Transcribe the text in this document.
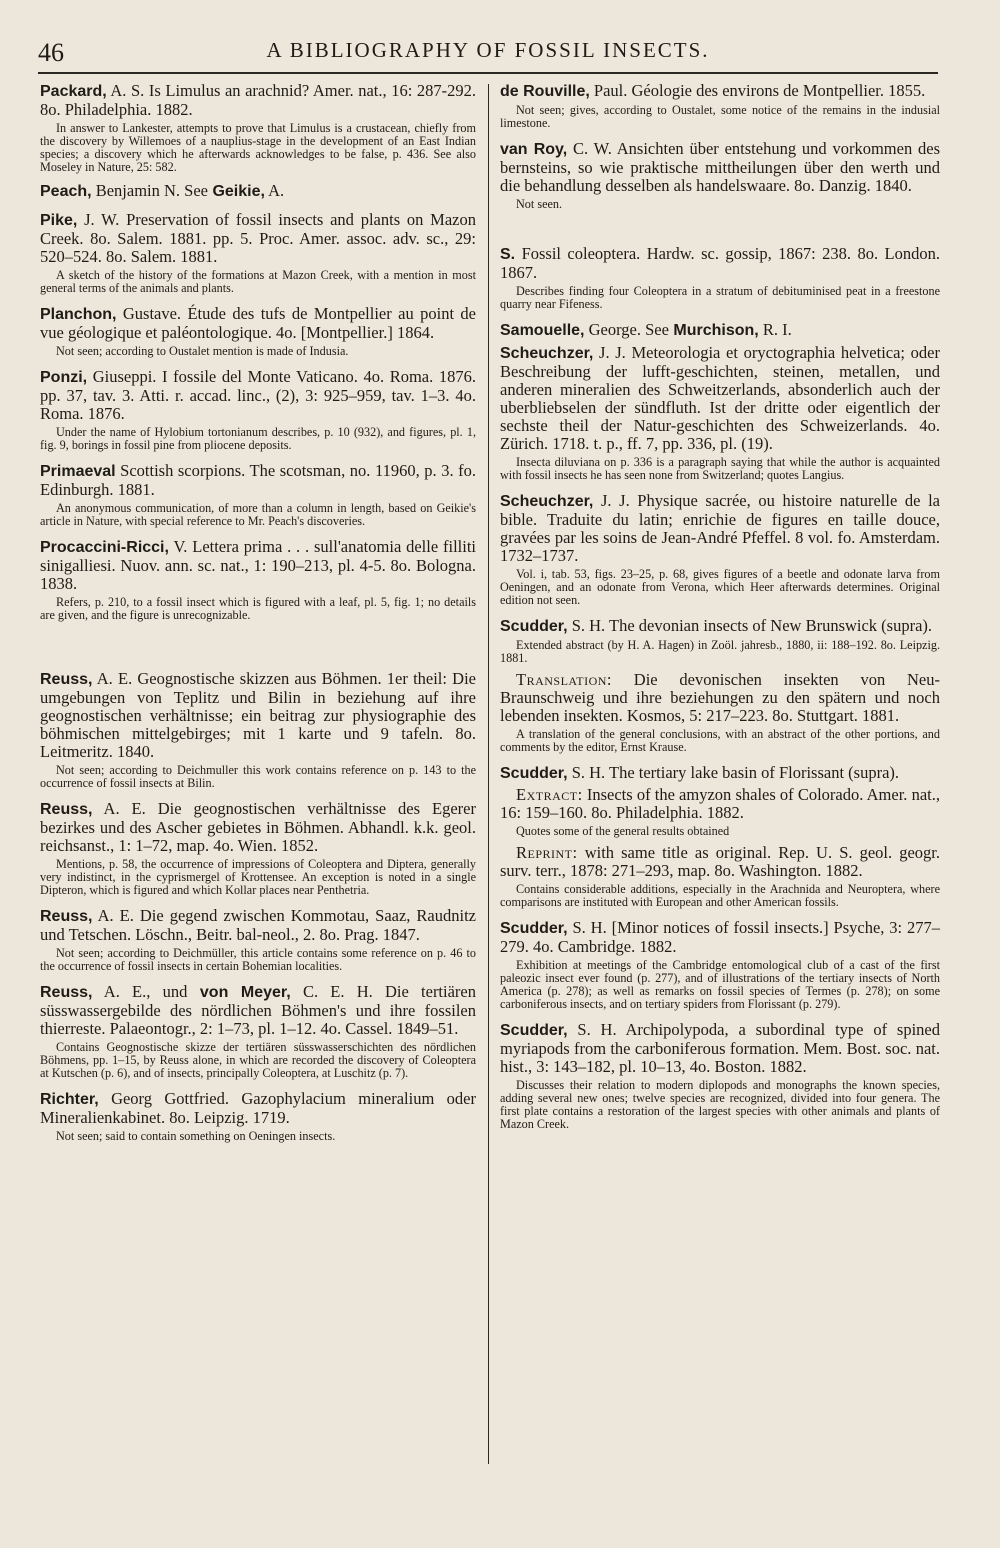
46	A BIBLIOGRAPHY OF FOSSIL INSECTS.

Packard, A. S. Is Limulus an arachnid? Amer. nat., 16: 287-292. 8o. Philadelphia. 1882.

In answer to Lankester, attempts to prove that Limulus is a crustacean, chiefly from the discovery by Willemoes of a nauplius-stage in the development of an East Indian species; a discovery which he afterwards acknowledges to be false, p. 436. See also Moseley in Nature, 25: 582.

Peach, Benjamin N. See Geikie, A.

Pike, J. W. Preservation of fossil insects and plants on Mazon Creek. 8o. Salem. 1881. pp. 5. Proc. Amer. assoc. adv. sc., 29: 520–524. 8o. Salem. 1881.

A sketch of the history of the formations at Mazon Creek, with a mention in most general terms of the animals and plants.

Planchon, Gustave. Étude des tufs de Montpellier au point de vue géologique et paléontologique. 4o. [Montpellier.] 1864.

Not seen; according to Oustalet mention is made of Indusia.

Ponzi, Giuseppi. I fossile del Monte Vaticano. 4o. Roma. 1876. pp. 37, tav. 3. Atti. r. accad. linc., (2), 3: 925–959, tav. 1–3. 4o. Roma. 1876.

Under the name of Hylobium tortonianum describes, p. 10 (932), and figures, pl. 1, fig. 9, borings in fossil pine from pliocene deposits.

Primaeval Scottish scorpions. The scotsman, no. 11960, p. 3. fo. Edinburgh. 1881.

An anonymous communication, of more than a column in length, based on Geikie's article in Nature, with special reference to Mr. Peach's discoveries.

Procaccini-Ricci, V. Lettera prima . . . sull'anatomia delle filliti sinigalliesi. Nuov. ann. sc. nat., 1: 190–213, pl. 4-5. 8o. Bologna. 1838.

Refers, p. 210, to a fossil insect which is figured with a leaf, pl. 5, fig. 1; no details are given, and the figure is unrecognizable.

Reuss, A. E. Geognostische skizzen aus Böhmen. 1er theil: Die umgebungen von Teplitz und Bilin in beziehung auf ihre geognostischen verhältnisse; ein beitrag zur physiographie des böhmischen mittelgebirges; mit 1 karte und 9 tafeln. 8o. Leitmeritz. 1840.

Not seen; according to Deichmuller this work contains reference on p. 143 to the occurrence of fossil insects at Bilin.

Reuss, A. E. Die geognostischen verhältnisse des Egerer bezirkes und des Ascher gebietes in Böhmen. Abhandl. k.k. geol. reichsanst., 1: 1–72, map. 4o. Wien. 1852.

Mentions, p. 58, the occurrence of impressions of Coleoptera and Diptera, generally very indistinct, in the cyprismergel of Krottensee. An exception is noted in a single Dipteron, which is figured and which Kollar places near Penthetria.

Reuss, A. E. Die gegend zwischen Kommotau, Saaz, Raudnitz und Tetschen. Löschn., Beitr. bal-neol., 2. 8o. Prag. 1847.

Not seen; according to Deichmüller, this article contains some reference on p. 46 to the occurrence of fossil insects in certain Bohemian localities.

Reuss, A. E., und von Meyer, C. E. H. Die tertiären süsswassergebilde des nördlichen Böhmen's und ihre fossilen thierreste. Palaeontogr., 2: 1–73, pl. 1–12. 4o. Cassel. 1849–51.

Contains Geognostische skizze der tertiären süsswasserschichten des nördlichen Böhmens, pp. 1–15, by Reuss alone, in which are recorded the discovery of Coleoptera at Kutschen (p. 6), and of insects, principally Coleoptera, at Luschitz (p. 7).

Richter, Georg Gottfried. Gazophylacium mineralium oder Mineralienkabinet. 8o. Leipzig. 1719.

Not seen; said to contain something on Oeningen insects.

de Rouville, Paul. Géologie des environs de Montpellier. 1855.

Not seen; gives, according to Oustalet, some notice of the remains in the indusial limestone.

van Roy, C. W. Ansichten über entstehung und vorkommen des bernsteins, so wie praktische mittheilungen über den werth und die behandlung desselben als handelswaare. 8o. Danzig. 1840.

Not seen.

S. Fossil coleoptera. Hardw. sc. gossip, 1867: 238. 8o. London. 1867.

Describes finding four Coleoptera in a stratum of debituminised peat in a freestone quarry near Fifeness.

Samouelle, George. See Murchison, R. I.

Scheuchzer, J. J. Meteorologia et oryctographia helvetica; oder Beschreibung der lufft-geschichten, steinen, metallen, und anderen mineralien des Schweitzerlands, absonderlich auch der uberbliebselen der sündfluth. Ist der dritte oder eigentlich der sechste theil der Natur-geschichten des Schweizerlands. 4o. Zürich. 1718. t. p., ff. 7, pp. 336, pl. (19).

Insecta diluviana on p. 336 is a paragraph saying that while the author is acquainted with fossil insects he has seen none from Switzerland; quotes Langius.

Scheuchzer, J. J. Physique sacrée, ou histoire naturelle de la bible. Traduite du latin; enrichie de figures en taille douce, gravées par les soins de Jean-André Pfeffel. 8 vol. fo. Amsterdam. 1732–1737.

Vol. i, tab. 53, figs. 23–25, p. 68, gives figures of a beetle and odonate larva from Oeningen, and an odonate from Verona, which Heer afterwards determines. Original edition not seen.

Scudder, S. H. The devonian insects of New Brunswick (supra).

Extended abstract (by H. A. Hagen) in Zoöl. jahresb., 1880, ii: 188–192. 8o. Leipzig. 1881.

Translation: Die devonischen insekten von Neu-Braunschweig und ihre beziehungen zu den spätern und noch lebenden insekten. Kosmos, 5: 217–223. 8o. Stuttgart. 1881.

A translation of the general conclusions, with an abstract of the other portions, and comments by the editor, Ernst Krause.

Scudder, S. H. The tertiary lake basin of Florissant (supra).

Extract: Insects of the amyzon shales of Colorado. Amer. nat., 16: 159–160. 8o. Philadelphia. 1882.

Quotes some of the general results obtained

Reprint: with same title as original. Rep. U. S. geol. geogr. surv. terr., 1878: 271–293, map. 8o. Washington. 1882.

Contains considerable additions, especially in the Arachnida and Neuroptera, where comparisons are instituted with European and other American fossils.

Scudder, S. H. [Minor notices of fossil insects.] Psyche, 3: 277–279. 4o. Cambridge. 1882.

Exhibition at meetings of the Cambridge entomological club of a cast of the first paleozic insect ever found (p. 277), and of illustrations of the tertiary insects of North America (p. 278); as well as remarks on fossil species of Termes (p. 278); on some carboniferous insects, and on tertiary spiders from Florissant (p. 279).

Scudder, S. H. Archipolypoda, a subordinal type of spined myriapods from the carboniferous formation. Mem. Bost. soc. nat. hist., 3: 143–182, pl. 10–13, 4o. Boston. 1882.

Discusses their relation to modern diplopods and monographs the known species, adding several new ones; twelve species are recognized, divided into four genera. The first plate contains a restoration of the largest species with other animals and plants of Mazon Creek.
